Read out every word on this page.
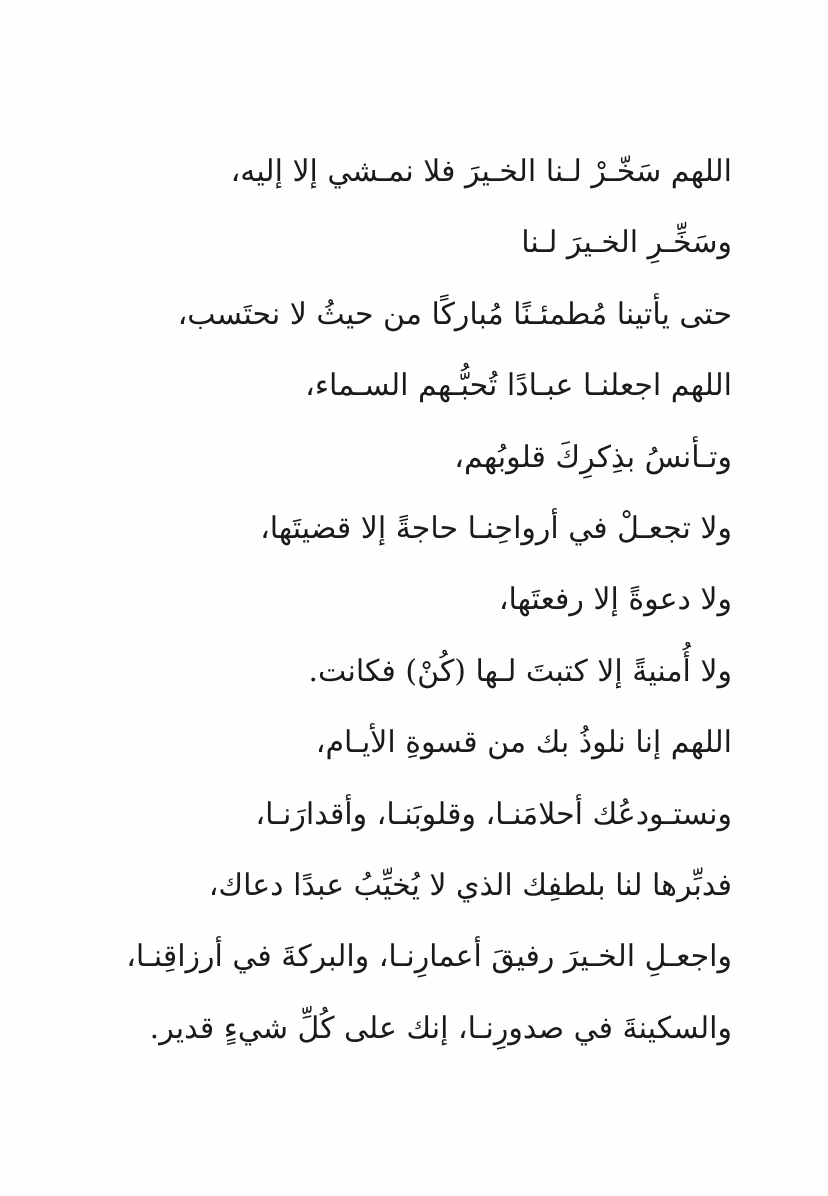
اللهم سَخّـرْ لـنا الخـيرَ فلا نمـشي إلا إليه،
وسَخِّـرِ الخـيرَ لـنا
حتى يأتينا مُطمئـنًا مُباركًا من حيثُ لا نحتَسب،
اللهم اجعلنـا عبـادًا تُحبُّـهم السـماء،
وتـأنسُ بذِكرِكَ قلوبُهم،
ولا تجعـلْ في أرواحِنـا حاجةً إلا قضيتَها،
ولا دعوةً إلا رفعتَها،
ولا أُمنيةً إلا كتبتَ لـها (كُنْ) فكانت.
اللهم إنا نلوذُ بك من قسوةِ الأيـام،
ونستـودعُك أحلامَنـا، وقلوبَنـا، وأقدارَنـا،
فدبِّرها لنا بلطفِك الذي لا يُخيِّبُ عبدًا دعاك،
واجعـلِ الخـيرَ رفيقَ أعمارِنـا، والبركةَ في أرزاقِنـا،
والسكينةَ في صدورِنـا، إنك على كُلِّ شيءٍ قدير.
